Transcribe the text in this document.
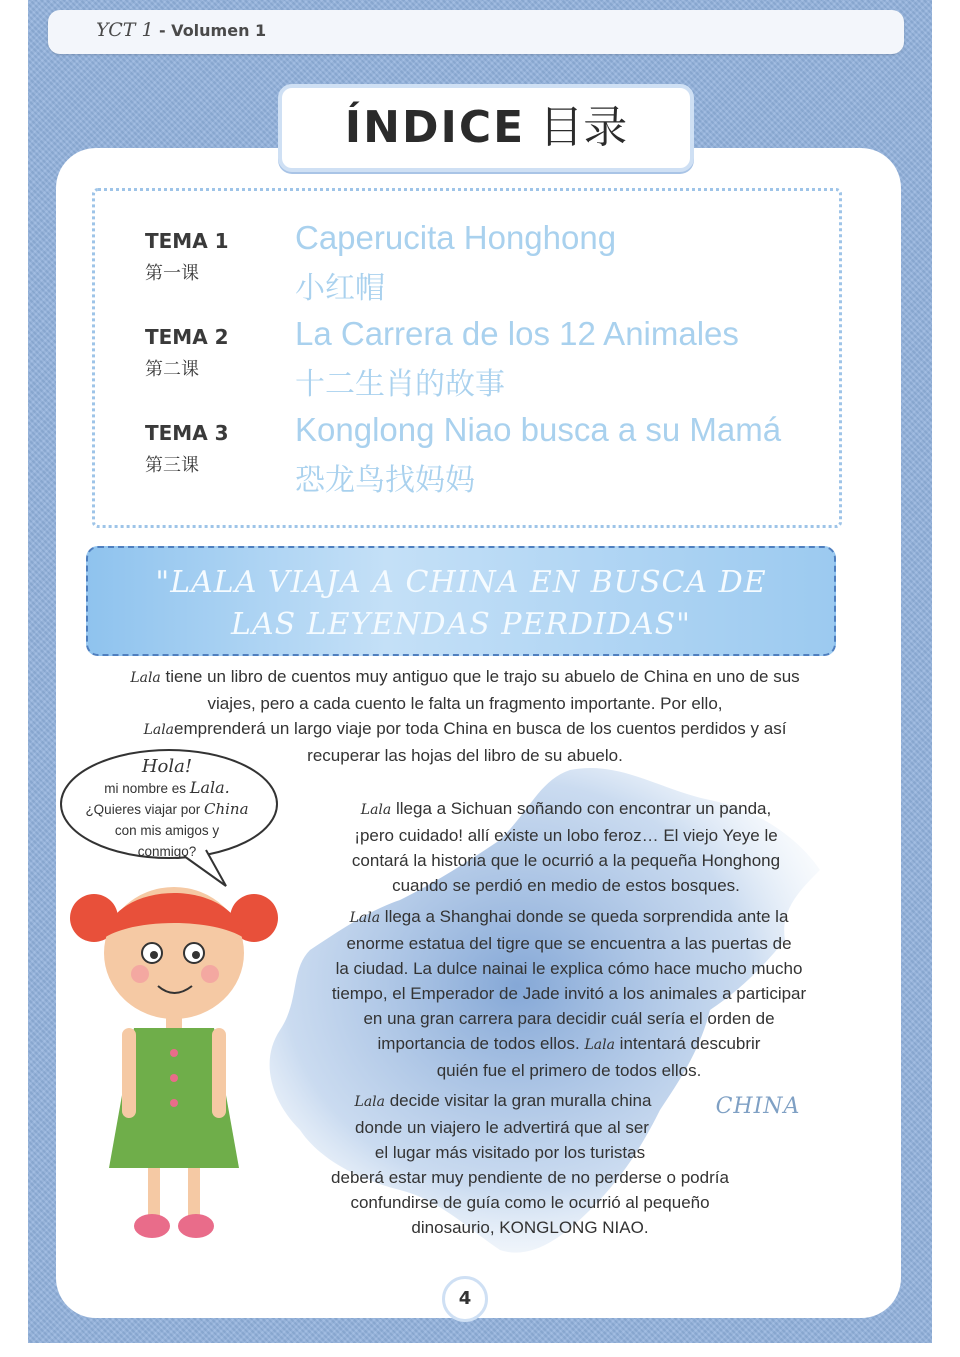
YCT 1 - Volumen 1
ÍNDICE 目录
TEMA 1
第一课
Caperucita Honghong
小红帽
TEMA 2
第二课
La Carrera de los 12 Animales
十二生肖的故事
TEMA 3
第三课
Konglong Niao busca a su Mamá
恐龙鸟找妈妈
"LALA VIAJA A CHINA EN BUSCA DE
LAS LEYENDAS PERDIDAS"
Lala tiene un libro de cuentos muy antiguo que le trajo su abuelo de China en uno de sus
viajes, pero a cada cuento le falta un fragmento importante. Por ello,
Lalaemprenderá un largo viaje por toda China en busca de los cuentos perdidos y así
recuperar las hojas del libro de su abuelo.
Hola!
mi nombre es Lala.
¿Quieres viajar por China
con mis amigos y
conmigo?
Lala llega a Sichuan soñando con encontrar un panda,
¡pero cuidado! allí existe un lobo feroz… El viejo Yeye le
contará la historia que le ocurrió a la pequeña Honghong
cuando se perdió en medio de estos bosques.
Lala llega a Shanghai donde se queda sorprendida ante la
enorme estatua del tigre que se encuentra a las puertas de
la ciudad. La dulce nainai le explica cómo hace mucho mucho
tiempo, el Emperador de Jade invitó a los animales a participar
en una gran carrera para decidir cuál sería el orden de
importancia de todos ellos. Lala intentará descubrir
quién fue el primero de todos ellos.
Lala decide visitar la gran muralla china
donde un viajero le advertirá que al ser
el lugar más visitado por los turistas
deberá estar muy pendiente de no perderse o podría
confundirse de guía como le ocurrió al pequeño
dinosaurio, KONGLONG NIAO.
CHINA
4
